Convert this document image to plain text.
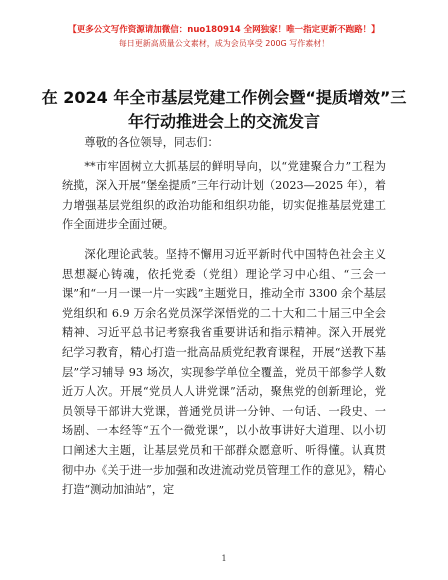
【更多公文写作资源请加微信：nuo180914 全网独家！唯一指定更新不跑路！】
每日更新高质量公文素材，成为会员享受 200G 写作素材！
在 2024 年全市基层党建工作例会暨“提质增效”三年行动推进会上的交流发言

尊敬的各位领导，同志们：

**市牢固树立大抓基层的鲜明导向，以“党建聚合力”工程为统揽，深入开展“堡垒提质”三年行动计划（2023—2025 年），着力增强基层党组织的政治功能和组织功能，切实促推基层党建工作全面进步全面过硬。

深化理论武装。坚持不懈用习近平新时代中国特色社会主义思想凝心铸魂，依托党委（党组）理论学习中心组、“三会一课”和“一月一课一片一实践”主题党日，推动全市 3300 余个基层党组织和 6.9 万余名党员深学深悟党的二十大和二十届三中全会精神、习近平总书记考察我省重要讲话和指示精神。深入开展党纪学习教育，精心打造一批高品质党纪教育课程，开展“送教下基层”学习辅导 93 场次，实现参学单位全覆盖，党员干部参学人数近万人次。开展“党员人人讲党课”活动，聚焦党的创新理论，党员领导干部讲大党课，普通党员讲一分钟、一句话、一段史、一场剧、一本经等“五个一微党课”，以小故事讲好大道理、以小切口阐述大主题，让基层党员和干部群众愿意听、听得懂。认真贯彻中办《关于进一步加强和改进流动党员管理工作的意见》，精心打造“测动加油站”，定

1
